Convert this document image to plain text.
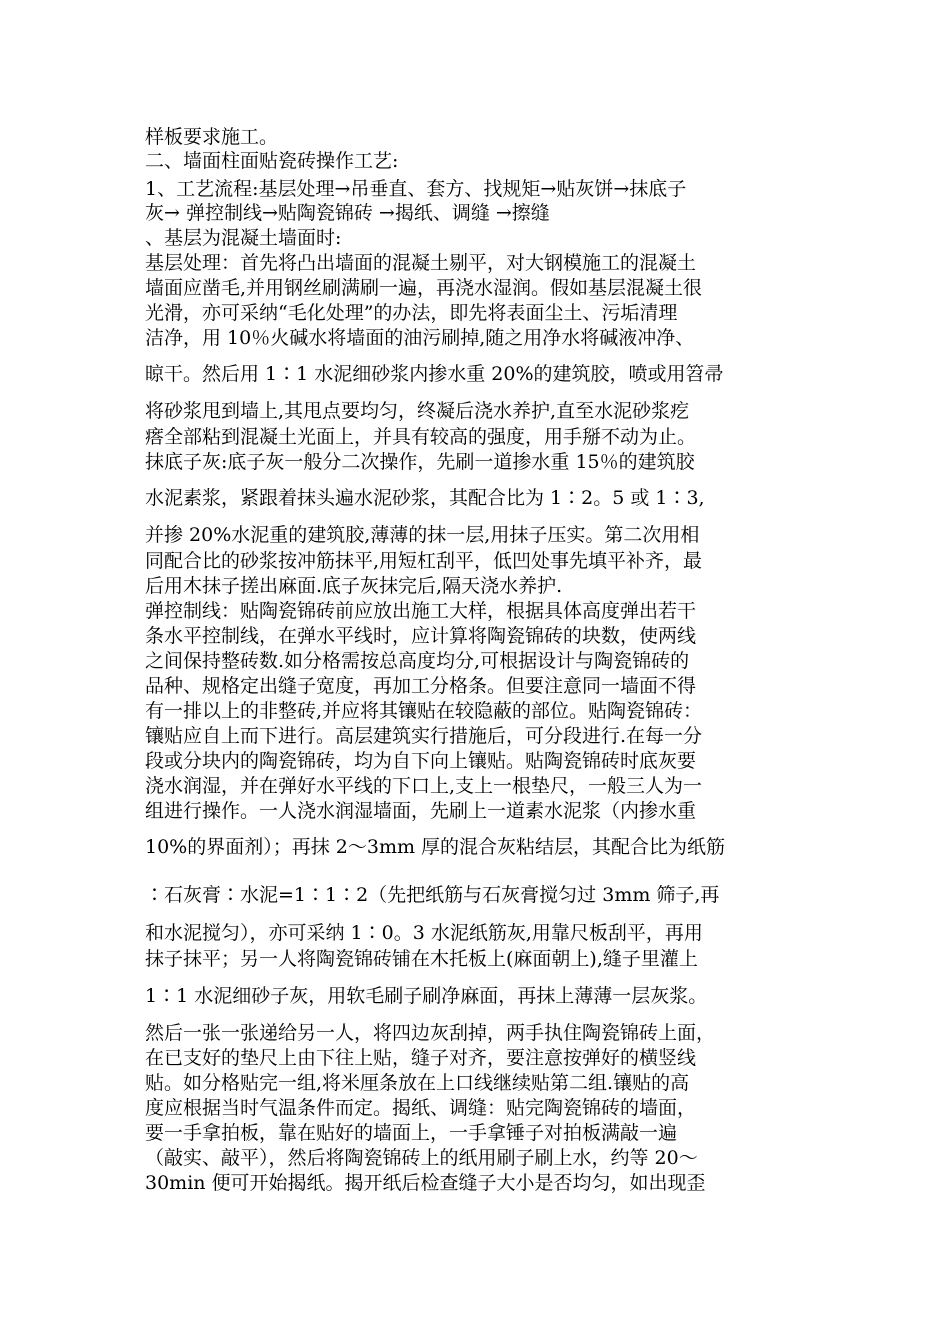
样板要求施工。
二、墙面柱面贴瓷砖操作工艺:
1、工艺流程:基层处理→吊垂直、套方、找规矩→贴灰饼→抹底子
灰→ 弹控制线→贴陶瓷锦砖 →揭纸、调缝 →擦缝
、基层为混凝土墙面时:
基层处理：首先将凸出墙面的混凝土剔平，对大钢模施工的混凝土
墙面应凿毛,并用钢丝刷满刷一遍，再浇水湿润。假如基层混凝土很
光滑，亦可采纳“毛化处理”的办法，即先将表面尘土、污垢清理
洁净，用 10％火碱水将墙面的油污刷掉,随之用净水将碱液冲净、
晾干。然后用 1∶1 水泥细砂浆内掺水重 20%的建筑胶，喷或用笤帚
将砂浆甩到墙上,其甩点要均匀，终凝后浇水养护,直至水泥砂浆疙
瘩全部粘到混凝土光面上，并具有较高的强度，用手掰不动为止。
抹底子灰:底子灰一般分二次操作，先刷一道掺水重 15％的建筑胶
水泥素浆，紧跟着抹头遍水泥砂浆，其配合比为 1∶2。5 或 1∶3,
并掺 20%水泥重的建筑胶,薄薄的抹一层,用抹子压实。第二次用相
同配合比的砂浆按冲筋抹平,用短杠刮平，低凹处事先填平补齐，最
后用木抹子搓出麻面.底子灰抹完后,隔天浇水养护.
弹控制线：贴陶瓷锦砖前应放出施工大样，根据具体高度弹出若干
条水平控制线，在弹水平线时，应计算将陶瓷锦砖的块数，使两线
之间保持整砖数.如分格需按总高度均分,可根据设计与陶瓷锦砖的
品种、规格定出缝子宽度，再加工分格条。但要注意同一墙面不得
有一排以上的非整砖,并应将其镶贴在较隐蔽的部位。贴陶瓷锦砖：
镶贴应自上而下进行。高层建筑实行措施后，可分段进行.在每一分
段或分块内的陶瓷锦砖，均为自下向上镶贴。贴陶瓷锦砖时底灰要
浇水润湿，并在弹好水平线的下口上,支上一根垫尺，一般三人为一
组进行操作。一人浇水润湿墙面，先刷上一道素水泥浆（内掺水重
10%的界面剂）；再抹 2～3mm 厚的混合灰粘结层，其配合比为纸筋
∶石灰膏∶水泥=1∶1∶2（先把纸筋与石灰膏搅匀过 3mm 筛子,再
和水泥搅匀），亦可采纳 1∶0。3 水泥纸筋灰,用靠尺板刮平，再用
抹子抹平；另一人将陶瓷锦砖铺在木托板上(麻面朝上),缝子里灌上
1∶1 水泥细砂子灰，用软毛刷子刷净麻面，再抹上薄薄一层灰浆。
然后一张一张递给另一人，将四边灰刮掉，两手执住陶瓷锦砖上面，
在已支好的垫尺上由下往上贴，缝子对齐，要注意按弹好的横竖线
贴。如分格贴完一组,将米厘条放在上口线继续贴第二组.镶贴的高
度应根据当时气温条件而定。揭纸、调缝：贴完陶瓷锦砖的墙面，
要一手拿拍板，靠在贴好的墙面上，一手拿锤子对拍板满敲一遍
（敲实、敲平），然后将陶瓷锦砖上的纸用刷子刷上水，约等 20～
30min 便可开始揭纸。揭开纸后检查缝子大小是否均匀，如出现歪
